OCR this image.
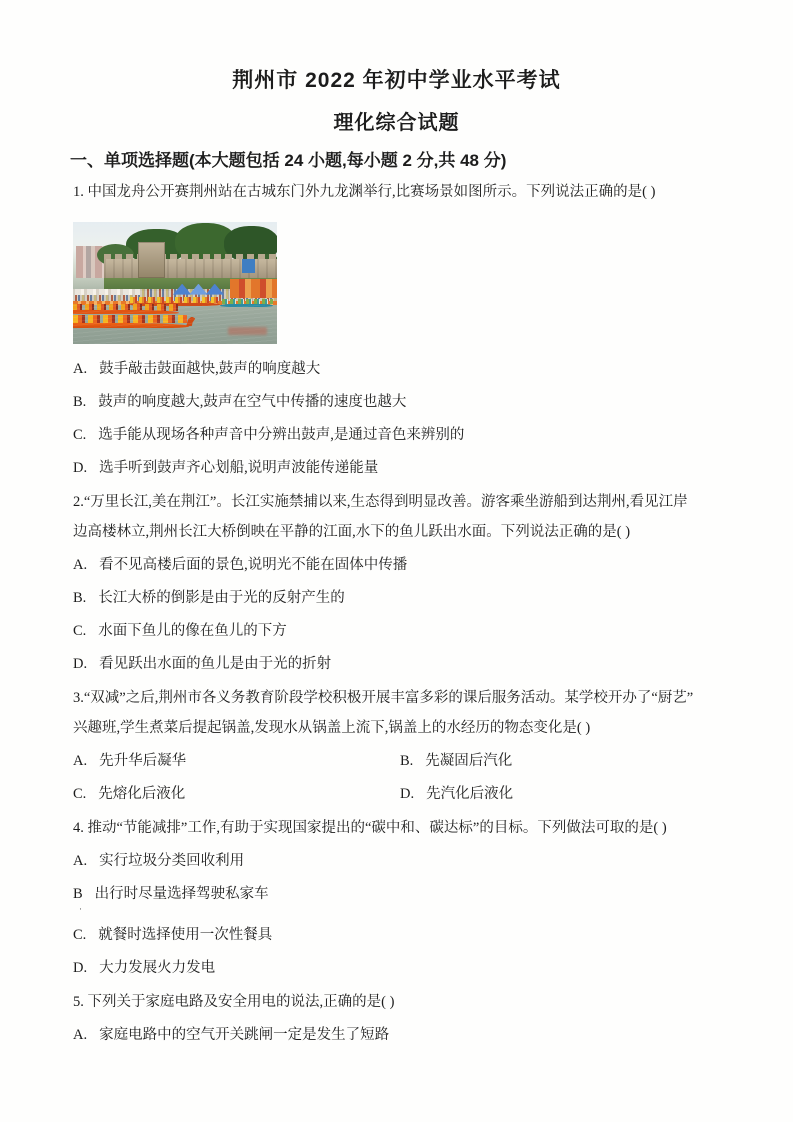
荆州市 2022 年初中学业水平考试
理化综合试题
一、单项选择题(本大题包括 24 小题,每小题 2 分,共 48 分)
1. 中国龙舟公开赛荆州站在古城东门外九龙渊举行,比赛场景如图所示。下列说法正确的是( )
A. 鼓手敲击鼓面越快,鼓声的响度越大
B. 鼓声的响度越大,鼓声在空气中传播的速度也越大
C. 选手能从现场各种声音中分辨出鼓声,是通过音色来辨别的
D. 选手听到鼓声齐心划船,说明声波能传递能量
2.“万里长江,美在荆江”。长江实施禁捕以来,生态得到明显改善。游客乘坐游船到达荆州,看见江岸
边高楼林立,荆州长江大桥倒映在平静的江面,水下的鱼儿跃出水面。下列说法正确的是( )
A. 看不见高楼后面的景色,说明光不能在固体中传播
B. 长江大桥的倒影是由于光的反射产生的
C. 水面下鱼儿的像在鱼儿的下方
D. 看见跃出水面的鱼儿是由于光的折射
3.“双减”之后,荆州市各义务教育阶段学校积极开展丰富多彩的课后服务活动。某学校开办了“厨艺”
兴趣班,学生煮菜后提起锅盖,发现水从锅盖上流下,锅盖上的水经历的物态变化是( )
A. 先升华后凝华	B. 先凝固后汽化
C. 先熔化后液化	D. 先汽化后液化
4. 推动“节能减排”工作,有助于实现国家提出的“碳中和、碳达标”的目标。下列做法可取的是( )
A. 实行垃圾分类回收利用
B 出行时尽量选择驾驶私家车
·
C. 就餐时选择使用一次性餐具
D. 大力发展火力发电
5. 下列关于家庭电路及安全用电的说法,正确的是( )
A. 家庭电路中的空气开关跳闸一定是发生了短路
